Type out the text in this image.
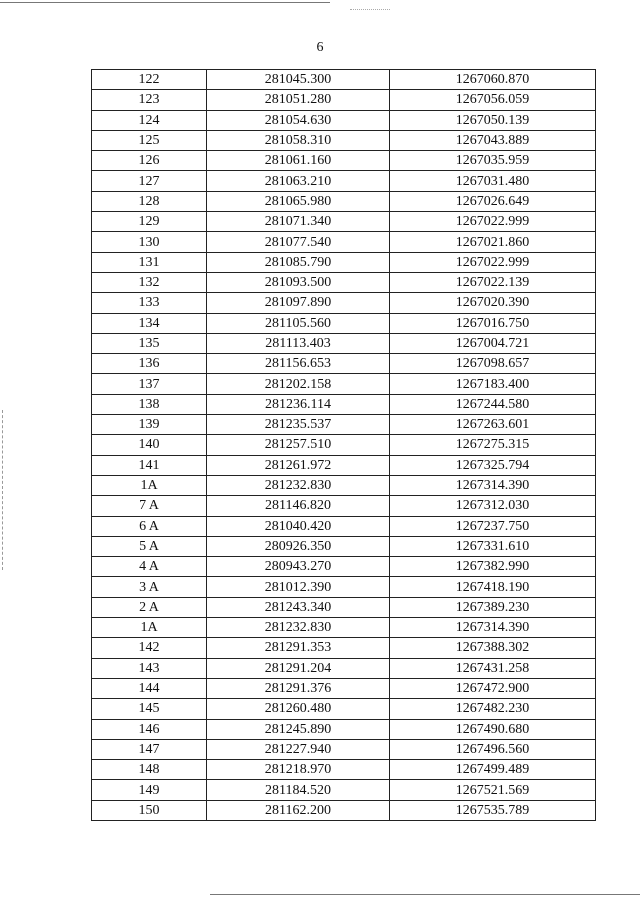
6
122	281045.300	1267060.870
123	281051.280	1267056.059
124	281054.630	1267050.139
125	281058.310	1267043.889
126	281061.160	1267035.959
127	281063.210	1267031.480
128	281065.980	1267026.649
129	281071.340	1267022.999
130	281077.540	1267021.860
131	281085.790	1267022.999
132	281093.500	1267022.139
133	281097.890	1267020.390
134	281105.560	1267016.750
135	281113.403	1267004.721
136	281156.653	1267098.657
137	281202.158	1267183.400
138	281236.114	1267244.580
139	281235.537	1267263.601
140	281257.510	1267275.315
141	281261.972	1267325.794
1A	281232.830	1267314.390
7 A	281146.820	1267312.030
6 A	281040.420	1267237.750
5 A	280926.350	1267331.610
4 A	280943.270	1267382.990
3 A	281012.390	1267418.190
2 A	281243.340	1267389.230
1A	281232.830	1267314.390
142	281291.353	1267388.302
143	281291.204	1267431.258
144	281291.376	1267472.900
145	281260.480	1267482.230
146	281245.890	1267490.680
147	281227.940	1267496.560
148	281218.970	1267499.489
149	281184.520	1267521.569
150	281162.200	1267535.789
